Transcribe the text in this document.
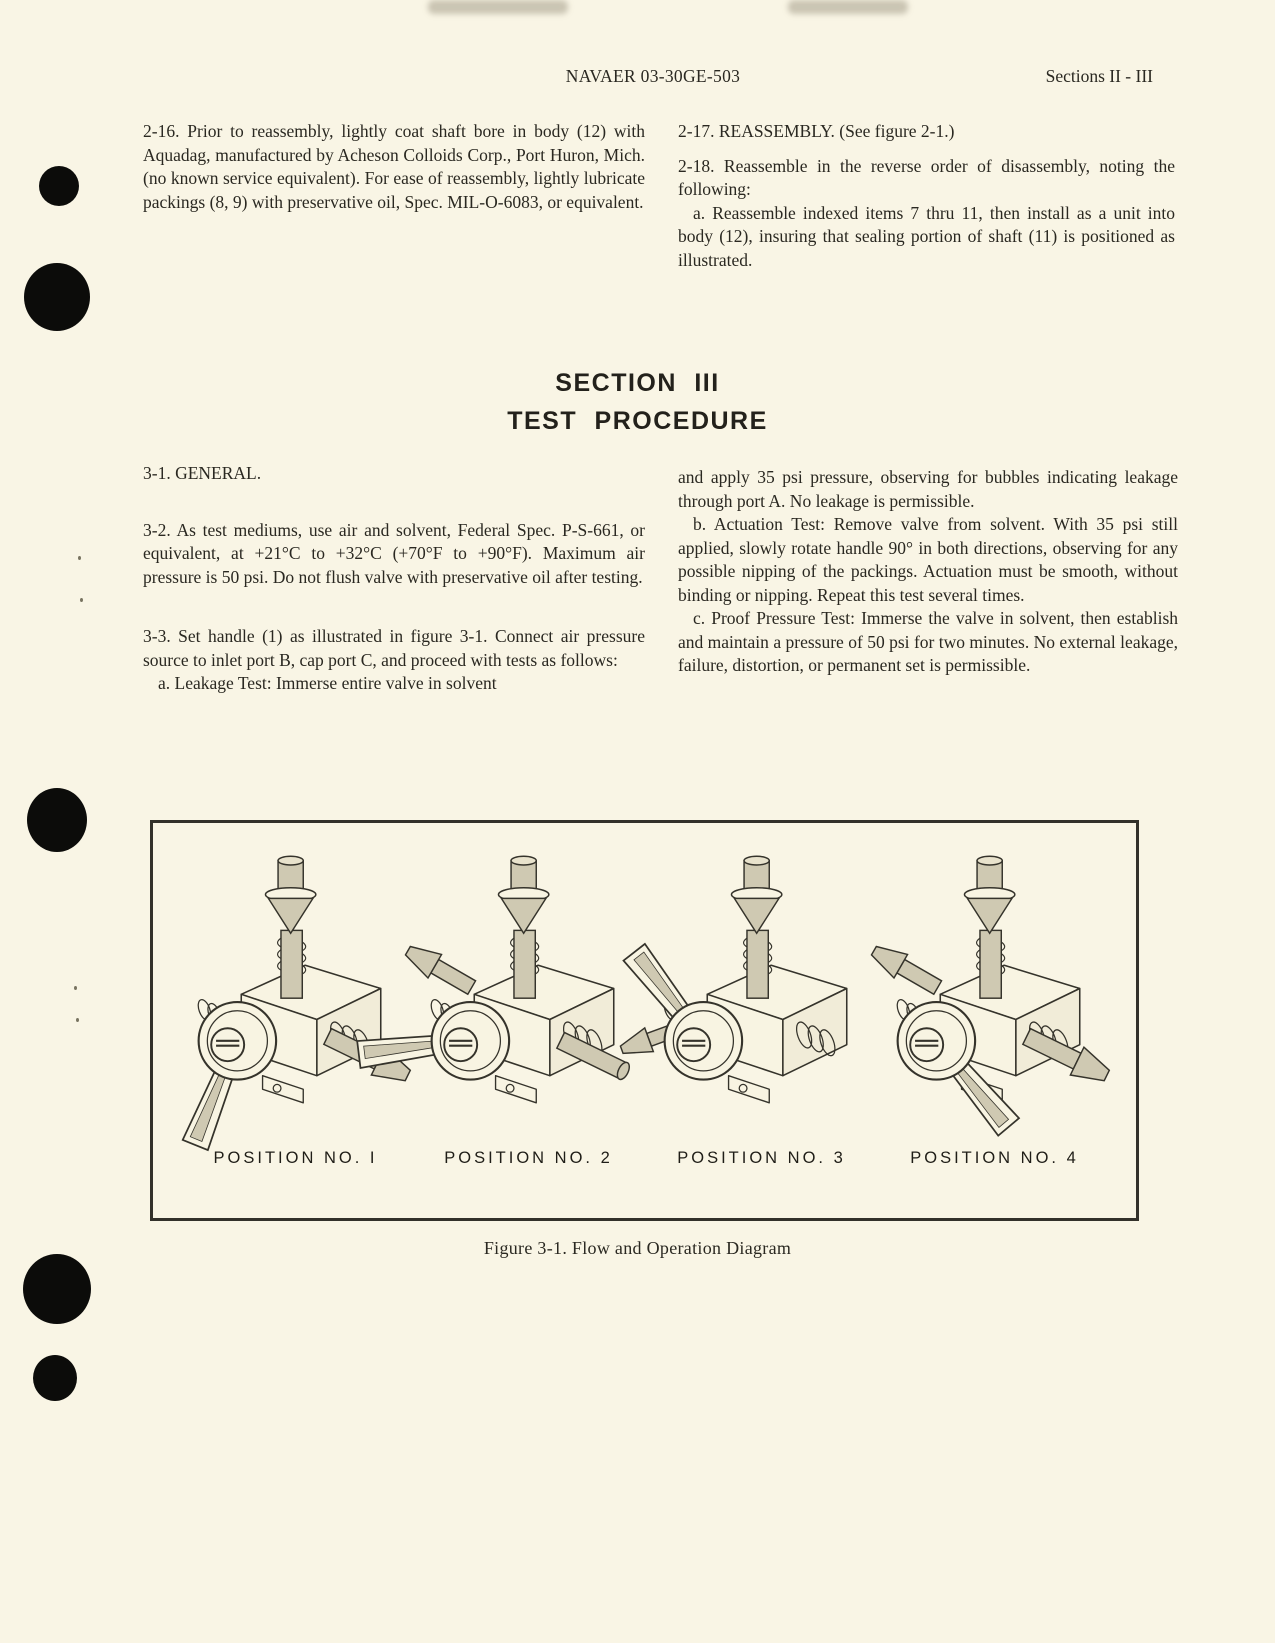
NAVAER 03-30GE-503	Sections II - III

2-16. Prior to reassembly, lightly coat shaft bore in body (12) with Aquadag, manufactured by Acheson Colloids Corp., Port Huron, Mich. (no known service equivalent). For ease of reassembly, lightly lubricate packings (8, 9) with preservative oil, Spec. MIL-O-6083, or equivalent.

2-17. REASSEMBLY. (See figure 2-1.)

2-18. Reassemble in the reverse order of disassembly, noting the following:

a. Reassemble indexed items 7 thru 11, then install as a unit into body (12), insuring that sealing portion of shaft (11) is positioned as illustrated.

SECTION III
TEST PROCEDURE

3-1. GENERAL.

3-2. As test mediums, use air and solvent, Federal Spec. P-S-661, or equivalent, at +21°C to +32°C (+70°F to +90°F). Maximum air pressure is 50 psi. Do not flush valve with preservative oil after testing.

3-3. Set handle (1) as illustrated in figure 3-1. Connect air pressure source to inlet port B, cap port C, and proceed with tests as follows:

a. Leakage Test: Immerse entire valve in solvent

and apply 35 psi pressure, observing for bubbles indicating leakage through port A. No leakage is permissible.

b. Actuation Test: Remove valve from solvent. With 35 psi still applied, slowly rotate handle 90° in both directions, observing for any possible nipping of the packings. Actuation must be smooth, without binding or nipping. Repeat this test several times.

c. Proof Pressure Test: Immerse the valve in solvent, then establish and maintain a pressure of 50 psi for two minutes. No external leakage, failure, distortion, or permanent set is permissible.

POSITION NO. I	POSITION NO. 2	POSITION NO. 3	POSITION NO. 4
Figure 3-1. Flow and Operation Diagram
